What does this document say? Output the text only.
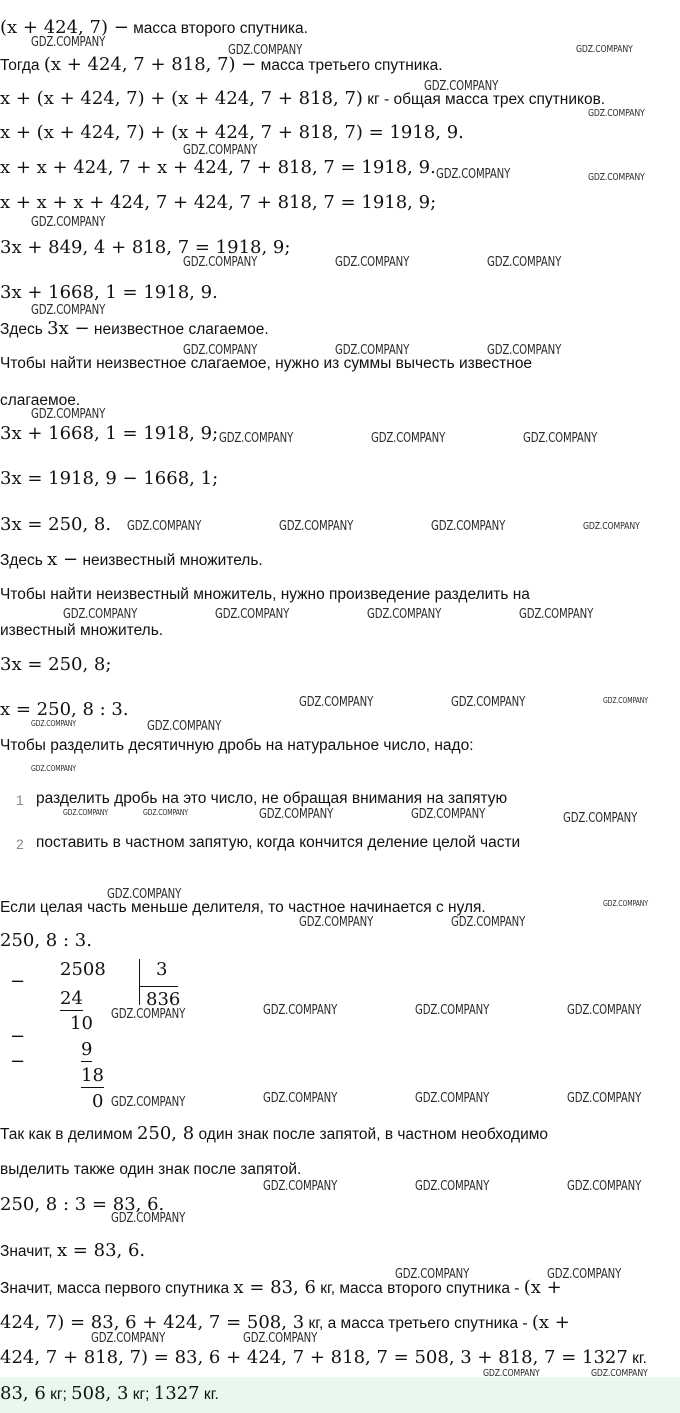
(x + 424, 7) − масса второго спутника.
Тогда (x + 424, 7 + 818, 7) − масса третьего спутника.
x + (x + 424, 7) + (x + 424, 7 + 818, 7) кг - общая масса трех спутников.
x + (x + 424, 7) + (x + 424, 7 + 818, 7) = 1918, 9.
x + x + 424, 7 + x + 424, 7 + 818, 7 = 1918, 9.
x + x + x + 424, 7 + 424, 7 + 818, 7 = 1918, 9;
3x + 849, 4 + 818, 7 = 1918, 9;
3x + 1668, 1 = 1918, 9.
Здесь 3x − неизвестное слагаемое.
Чтобы найти неизвестное слагаемое, нужно из суммы вычесть известное
слагаемое.
3x + 1668, 1 = 1918, 9;
3x = 1918, 9 − 1668, 1;
3x = 250, 8.
Здесь x − неизвестный множитель.
Чтобы найти неизвестный множитель, нужно произведение разделить на
известный множитель.
3x = 250, 8;
x = 250, 8 : 3.
Чтобы разделить десятичную дробь на натуральное число, надо:
1 разделить дробь на это число, не обращая внимания на запятую
2 поставить в частном запятую, когда кончится деление целой части
Если целая часть меньше делителя, то частное начинается с нуля.
250, 8 : 3.
−
2508	3
836
24
10
−
−
9
18
0
Так как в делимом 250, 8 один знак после запятой, в частном необходимо
выделить также один знак после запятой.
250, 8 : 3 = 83, 6.
Значит, x = 83, 6.
Значит, масса первого спутника x = 83, 6 кг, масса второго спутника - (x +
424, 7) = 83, 6 + 424, 7 = 508, 3 кг, а масса третьего спутника - (x +
424, 7 + 818, 7) = 83, 6 + 424, 7 + 818, 7 = 508, 3 + 818, 7 = 1327 кг.
83, 6 кг; 508, 3 кг; 1327 кг.
GDZ.COMPANY
GDZ.COMPANY	GDZ.COMPANY
GDZ.COMPANY
GDZ.COMPANY
GDZ.COMPANY
GDZ.COMPANY	GDZ.COMPANY
GDZ.COMPANY
GDZ.COMPANY	GDZ.COMPANY	GDZ.COMPANY
GDZ.COMPANY
GDZ.COMPANY	GDZ.COMPANY	GDZ.COMPANY
GDZ.COMPANY
GDZ.COMPANY	GDZ.COMPANY	GDZ.COMPANY
GDZ.COMPANY	GDZ.COMPANY	GDZ.COMPANY	GDZ.COMPANY
GDZ.COMPANY	GDZ.COMPANY	GDZ.COMPANY	GDZ.COMPANY
GDZ.COMPANY	GDZ.COMPANY	GDZ.COMPANY
GDZ.COMPANY	GDZ.COMPANY
GDZ.COMPANY
GDZ.COMPANY	GDZ.COMPANY	GDZ.COMPANY	GDZ.COMPANY	GDZ.COMPANY
GDZ.COMPANY
GDZ.COMPANY
GDZ.COMPANY	GDZ.COMPANY
GDZ.COMPANY	GDZ.COMPANY	GDZ.COMPANY	GDZ.COMPANY
GDZ.COMPANY	GDZ.COMPANY	GDZ.COMPANY	GDZ.COMPANY
GDZ.COMPANY	GDZ.COMPANY	GDZ.COMPANY
GDZ.COMPANY
GDZ.COMPANY	GDZ.COMPANY
GDZ.COMPANY	GDZ.COMPANY
GDZ.COMPANY	GDZ.COMPANY
